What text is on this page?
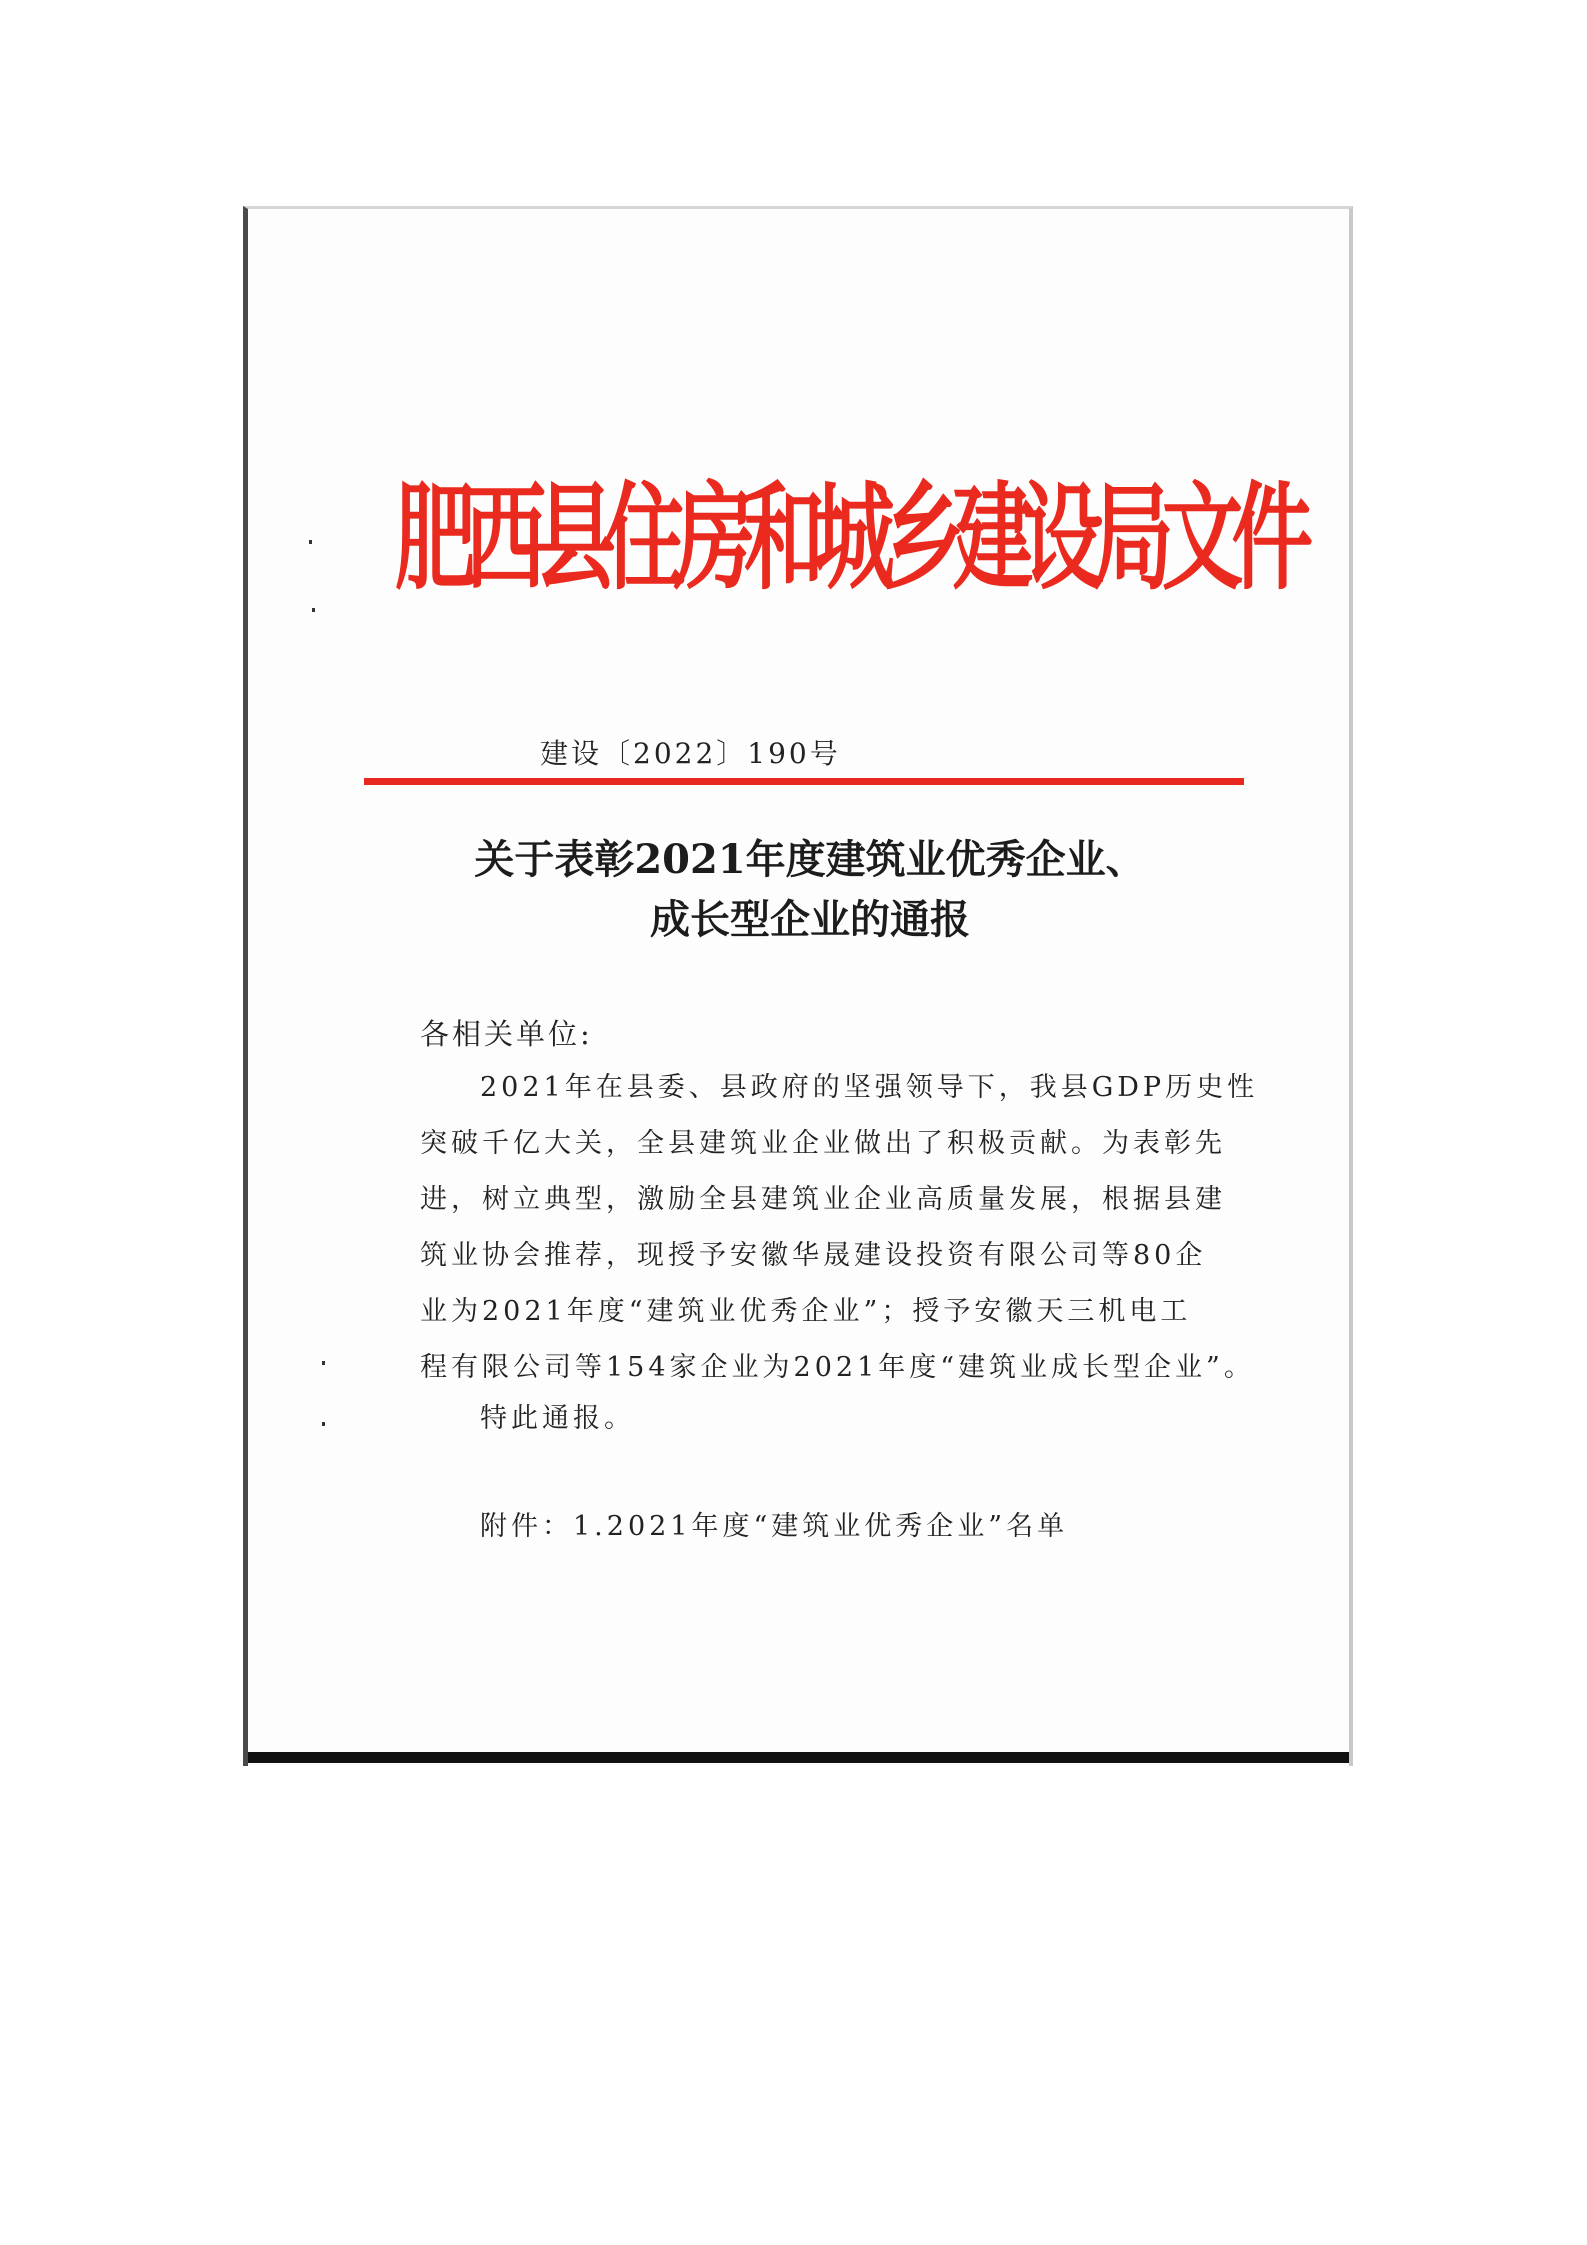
肥西县住房和城乡建设局文件
建设〔2022〕190号
关于表彰2021年度建筑业优秀企业、
成长型企业的通报
各相关单位:
2021年在县委、县政府的坚强领导下，我县GDP历史性
突破千亿大关，全县建筑业企业做出了积极贡献。为表彰先
进，树立典型，激励全县建筑业企业高质量发展，根据县建
筑业协会推荐，现授予安徽华晟建设投资有限公司等80企
业为2021年度“建筑业优秀企业”；授予安徽天三机电工
程有限公司等154家企业为2021年度“建筑业成长型企业”。
特此通报。
附件：1.2021年度“建筑业优秀企业”名单
